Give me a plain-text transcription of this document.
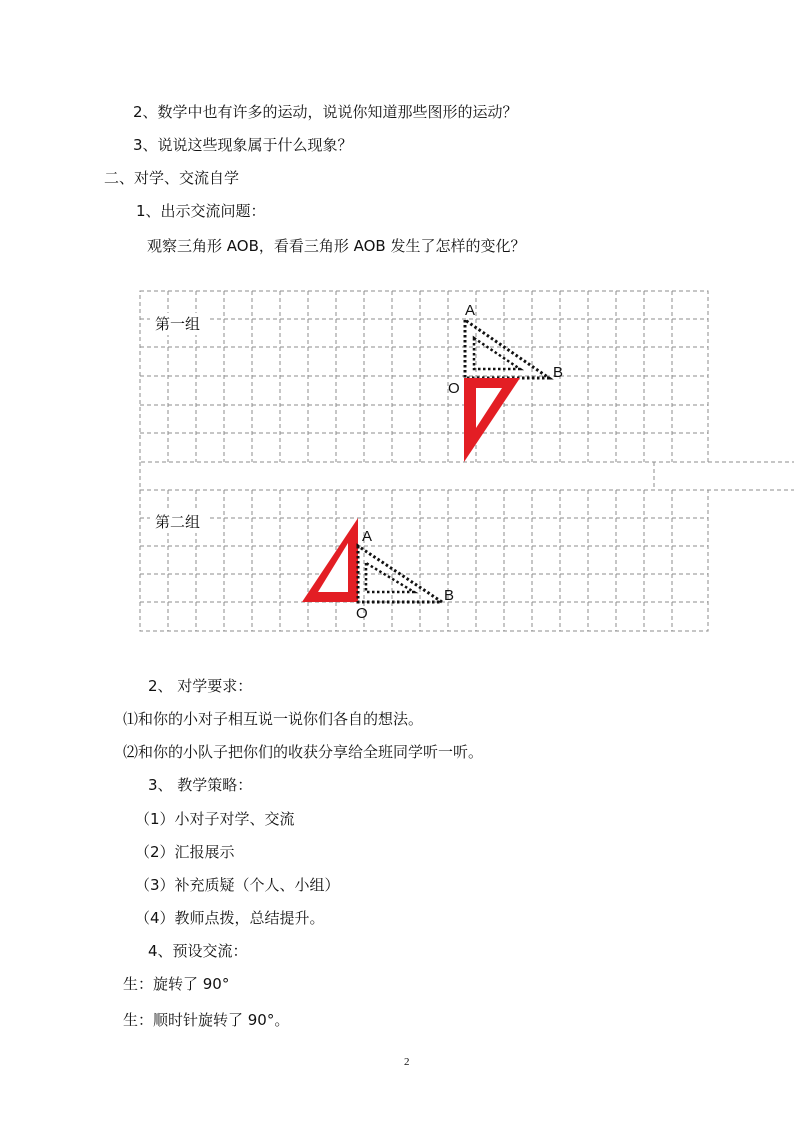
2、数学中也有许多的运动，说说你知道那些图形的运动？
3、说说这些现象属于什么现象？
二、对学、交流自学
1、出示交流问题：
观察三角形 AOB，看看三角形 AOB 发生了怎样的变化？
第一组
第二组
A
O
B
A
O
B
2、 对学要求：
⑴和你的小对子相互说一说你们各自的想法。
⑵和你的小队子把你们的收获分享给全班同学听一听。
3、 教学策略：
（1）小对子对学、交流
（2）汇报展示
（3）补充质疑（个人、小组）
（4）教师点拨，总结提升。
4、预设交流：
生：旋转了 90°
生：顺时针旋转了 90°。
2
